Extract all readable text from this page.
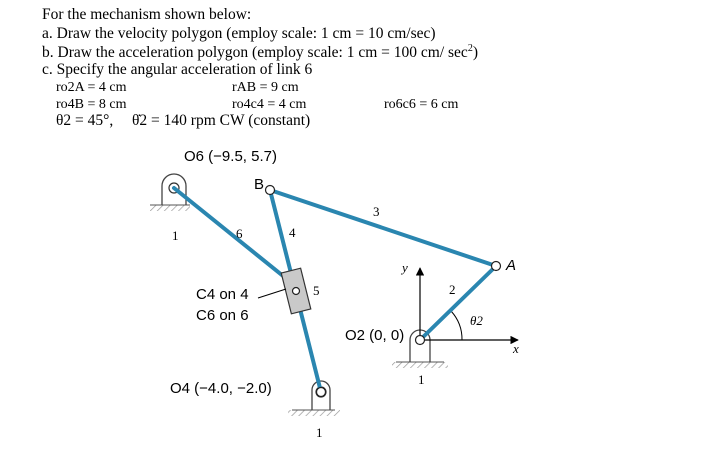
For the mechanism shown below:
a. Draw the velocity polygon (employ scale: 1 cm = 10 cm/sec)
b. Draw the acceleration polygon (employ scale: 1 cm = 100 cm/ $\sec^2$)
c. Specify the angular acceleration of link 6
ro2A = 4 cm	rAB = 9 cm
ro4B = 8 cm	ro4c4 = 4 cm	ro6c6 = 6 cm
θ2 = 45°, θ̇2 = 140 rpm CW (constant)
O6 (−9.5, 5.7)
B
A
C4 on 4
C6 on 6
O4 (−4.0, −2.0)
O2 (0, 0)
x
y
θ2
1
1
1
2
3
4
5
6
